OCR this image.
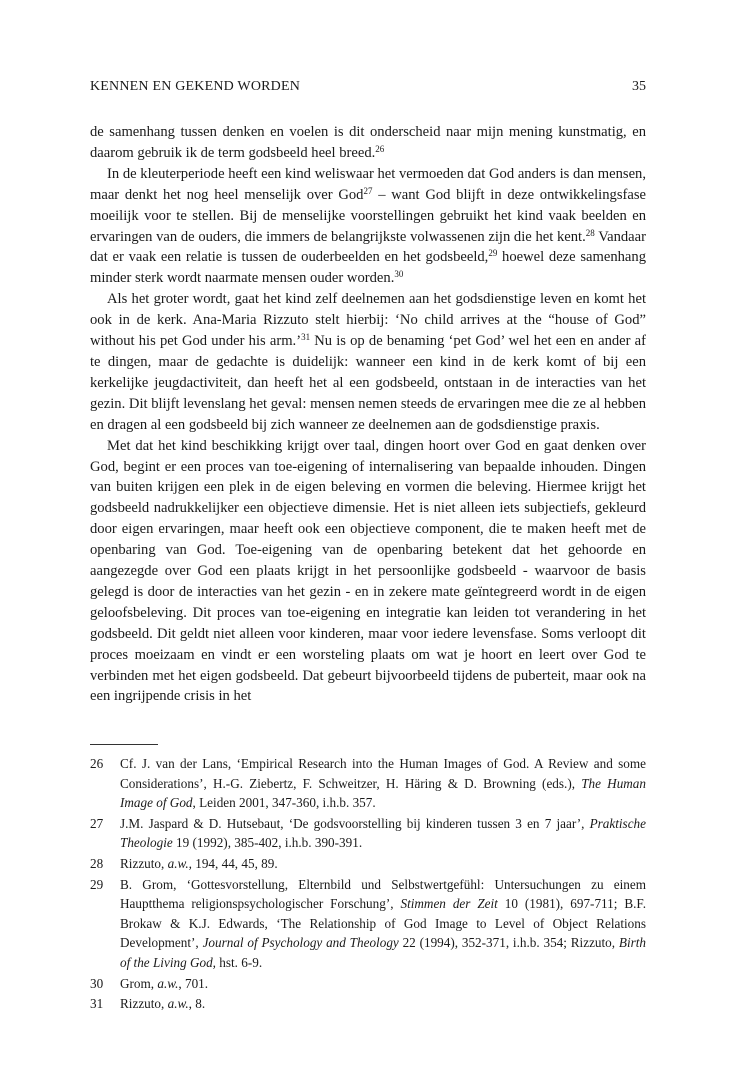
KENNEN EN GEKEND WORDEN	35

de samenhang tussen denken en voelen is dit onderscheid naar mijn mening kunstmatig, en daarom gebruik ik de term godsbeeld heel breed.$^{26}$

In de kleuterperiode heeft een kind weliswaar het vermoeden dat God anders is dan mensen, maar denkt het nog heel menselijk over God$^{27}$ – want God blijft in deze ontwikkelingsfase moeilijk voor te stellen. Bij de menselijke voorstellingen gebruikt het kind vaak beelden en ervaringen van de ouders, die immers de belangrijkste volwassenen zijn die het kent.$^{28}$ Vandaar dat er vaak een relatie is tussen de ouderbeelden en het godsbeeld,$^{29}$ hoewel deze samenhang minder sterk wordt naarmate mensen ouder worden.$^{30}$

Als het groter wordt, gaat het kind zelf deelnemen aan het godsdienstige leven en komt het ook in de kerk. Ana-Maria Rizzuto stelt hierbij: ‘No child arrives at the “house of God” without his pet God under his arm.’$^{31}$ Nu is op de benaming ‘pet God’ wel het een en ander af te dingen, maar de gedachte is duidelijk: wanneer een kind in de kerk komt of bij een kerkelijke jeugdactiviteit, dan heeft het al een godsbeeld, ontstaan in de interacties van het gezin. Dit blijft levenslang het geval: mensen nemen steeds de ervaringen mee die ze al hebben en dragen al een godsbeeld bij zich wanneer ze deelnemen aan de godsdienstige praxis.

Met dat het kind beschikking krijgt over taal, dingen hoort over God en gaat denken over God, begint er een proces van toe-eigening of internalisering van bepaalde inhouden. Dingen van buiten krijgen een plek in de eigen beleving en vormen die beleving. Hiermee krijgt het godsbeeld nadrukkelijker een objectieve dimensie. Het is niet alleen iets subjectiefs, gekleurd door eigen ervaringen, maar heeft ook een objectieve component, die te maken heeft met de openbaring van God. Toe-eigening van de openbaring betekent dat het gehoorde en aangezegde over God een plaats krijgt in het persoonlijke godsbeeld - waarvoor de basis gelegd is door de interacties van het gezin - en in zekere mate geïntegreerd wordt in de eigen geloofsbeleving. Dit proces van toe-eigening en integratie kan leiden tot verandering in het godsbeeld. Dit geldt niet alleen voor kinderen, maar voor iedere levensfase. Soms verloopt dit proces moeizaam en vindt er een worsteling plaats om wat je hoort en leert over God te verbinden met het eigen godsbeeld. Dat gebeurt bijvoorbeeld tijdens de puberteit, maar ook na een ingrijpende crisis in het

26 Cf. J. van der Lans, ‘Empirical Research into the Human Images of God. A Review and some Considerations’, H.-G. Ziebertz, F. Schweitzer, H. Häring & D. Browning (eds.), The Human Image of God, Leiden 2001, 347-360, i.h.b. 357.
27 J.M. Jaspard & D. Hutsebaut, ‘De godsvoorstelling bij kinderen tussen 3 en 7 jaar’, Praktische Theologie 19 (1992), 385-402, i.h.b. 390-391.
28 Rizzuto, a.w., 194, 44, 45, 89.
29 B. Grom, ‘Gottesvorstellung, Elternbild und Selbstwertgefühl: Untersuchungen zu einem Hauptthema religionspsychologischer Forschung’, Stimmen der Zeit 10 (1981), 697-711; B.F. Brokaw & K.J. Edwards, ‘The Relationship of God Image to Level of Object Relations Development’, Journal of Psychology and Theology 22 (1994), 352-371, i.h.b. 354; Rizzuto, Birth of the Living God, hst. 6-9.
30 Grom, a.w., 701.
31 Rizzuto, a.w., 8.
